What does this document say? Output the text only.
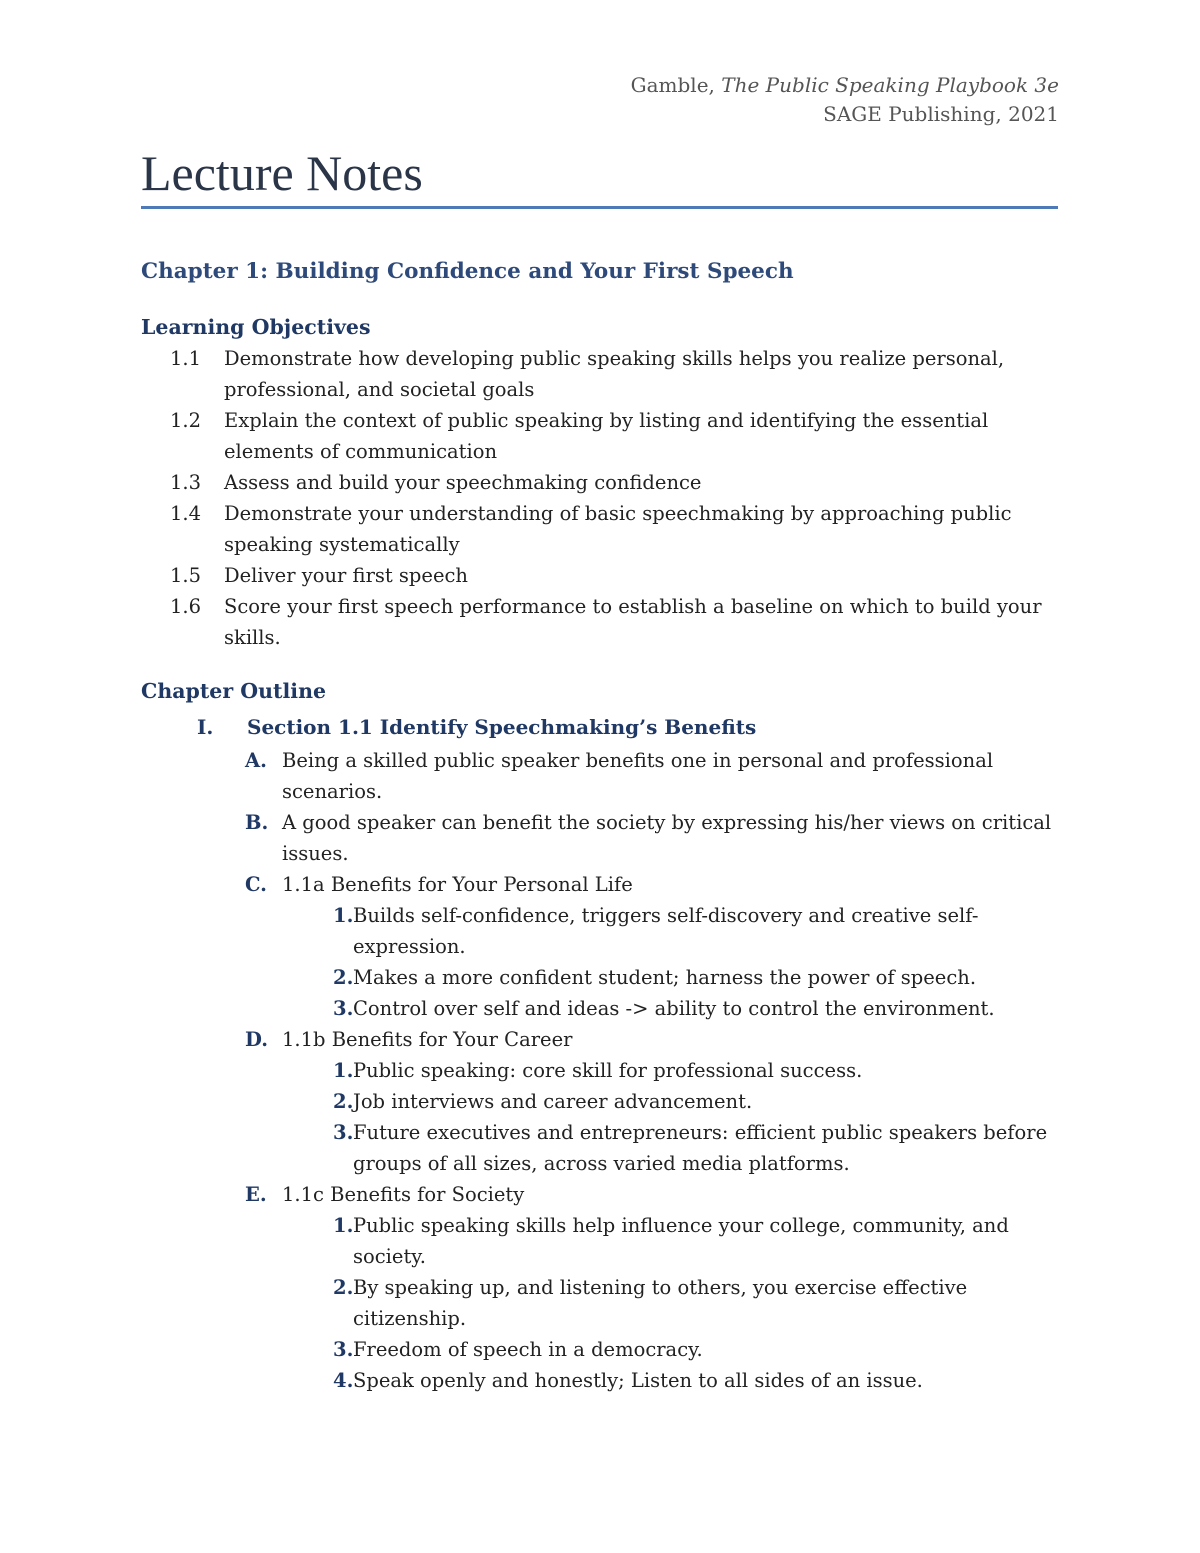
Gamble, The Public Speaking Playbook 3e
SAGE Publishing, 2021
Lecture Notes
Chapter 1: Building Confidence and Your First Speech
Learning Objectives
1.1 Demonstrate how developing public speaking skills helps you realize personal, professional, and societal goals
1.2 Explain the context of public speaking by listing and identifying the essential elements of communication
1.3 Assess and build your speechmaking confidence
1.4 Demonstrate your understanding of basic speechmaking by approaching public speaking systematically
1.5 Deliver your first speech
1.6 Score your first speech performance to establish a baseline on which to build your skills.
Chapter Outline
I. Section 1.1 Identify Speechmaking’s Benefits
A. Being a skilled public speaker benefits one in personal and professional scenarios.
B. A good speaker can benefit the society by expressing his/her views on critical issues.
C. 1.1a Benefits for Your Personal Life
1. Builds self-confidence, triggers self-discovery and creative self-expression.
2. Makes a more confident student; harness the power of speech.
3. Control over self and ideas -> ability to control the environment.
D. 1.1b Benefits for Your Career
1. Public speaking: core skill for professional success.
2. Job interviews and career advancement.
3. Future executives and entrepreneurs: efficient public speakers before groups of all sizes, across varied media platforms.
E. 1.1c Benefits for Society
1. Public speaking skills help influence your college, community, and society.
2. By speaking up, and listening to others, you exercise effective citizenship.
3. Freedom of speech in a democracy.
4. Speak openly and honestly; Listen to all sides of an issue.
